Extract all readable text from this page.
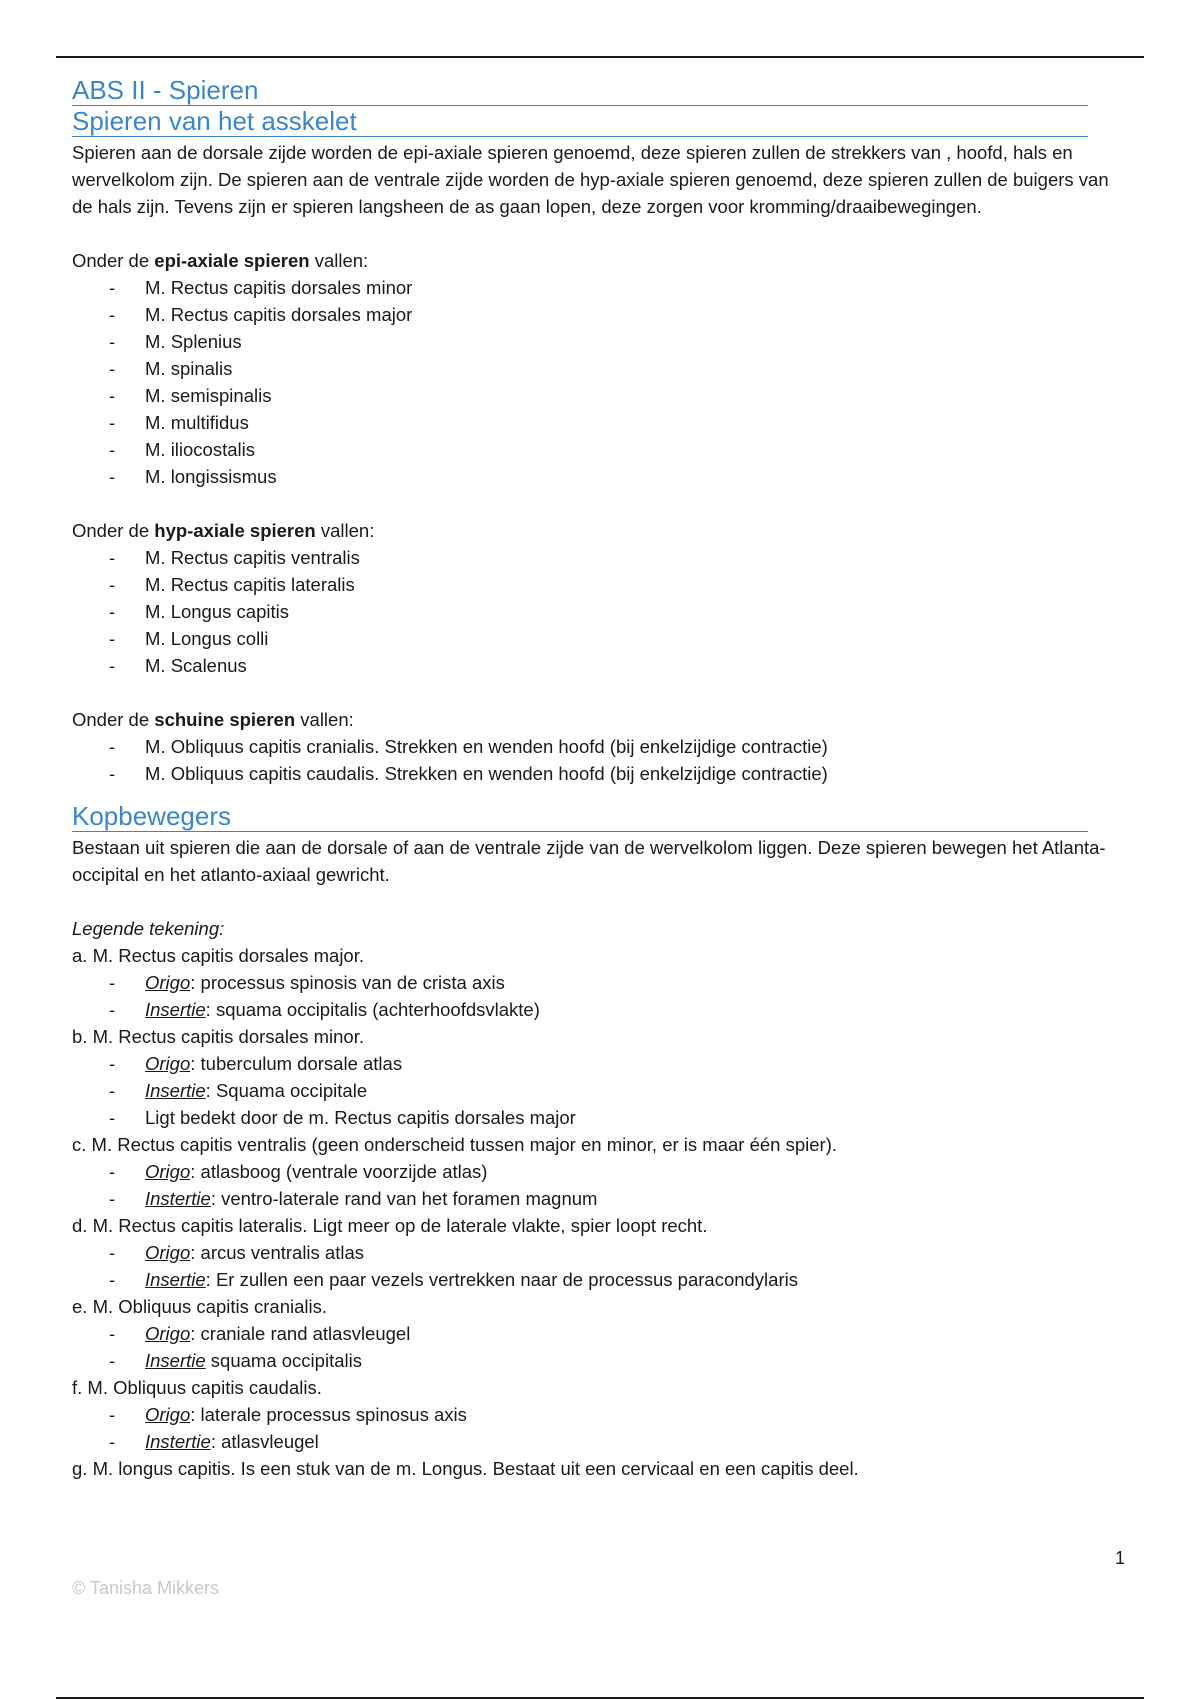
ABS II - Spieren
Spieren van het asskelet

Spieren aan de dorsale zijde worden de epi-axiale spieren genoemd, deze spieren zullen de strekkers van , hoofd, hals en wervelkolom zijn. De spieren aan de ventrale zijde worden de hyp-axiale spieren genoemd, deze spieren zullen de buigers van de hals zijn. Tevens zijn er spieren langsheen de as gaan lopen, deze zorgen voor kromming/draaibewegingen.

Onder de epi-axiale spieren vallen:

- M. Rectus capitis dorsales minor
- M. Rectus capitis dorsales major
- M. Splenius
- M. spinalis
- M. semispinalis
- M. multifidus
- M. iliocostalis
- M. longissismus

Onder de hyp-axiale spieren vallen:

- M. Rectus capitis ventralis
- M. Rectus capitis lateralis
- M. Longus capitis
- M. Longus colli
- M. Scalenus

Onder de schuine spieren vallen:

- M. Obliquus capitis cranialis. Strekken en wenden hoofd (bij enkelzijdige contractie)
- M. Obliquus capitis caudalis. Strekken en wenden hoofd (bij enkelzijdige contractie)
Kopbewegers

Bestaan uit spieren die aan de dorsale of aan de ventrale zijde van de wervelkolom liggen. Deze spieren bewegen het Atlanta-occipital en het atlanto-axiaal gewricht.

Legende tekening:

a. M. Rectus capitis dorsales major.

- Origo: processus spinosis van de crista axis
- Insertie: squama occipitalis (achterhoofdsvlakte)

b. M. Rectus capitis dorsales minor.

- Origo: tuberculum dorsale atlas
- Insertie: Squama occipitale
- Ligt bedekt door de m. Rectus capitis dorsales major

c. M. Rectus capitis ventralis (geen onderscheid tussen major en minor, er is maar één spier).

- Origo: atlasboog (ventrale voorzijde atlas)
- Instertie: ventro-laterale rand van het foramen magnum

d. M. Rectus capitis lateralis. Ligt meer op de laterale vlakte, spier loopt recht.

- Origo: arcus ventralis atlas
- Insertie: Er zullen een paar vezels vertrekken naar de processus paracondylaris

e. M. Obliquus capitis cranialis.

- Origo: craniale rand atlasvleugel
- Insertie squama occipitalis

f. M. Obliquus capitis caudalis.

- Origo: laterale processus spinosus axis
- Instertie: atlasvleugel

g. M. longus capitis. Is een stuk van de m. Longus. Bestaat uit een cervicaal en een capitis deel.

1
© Tanisha Mikkers
